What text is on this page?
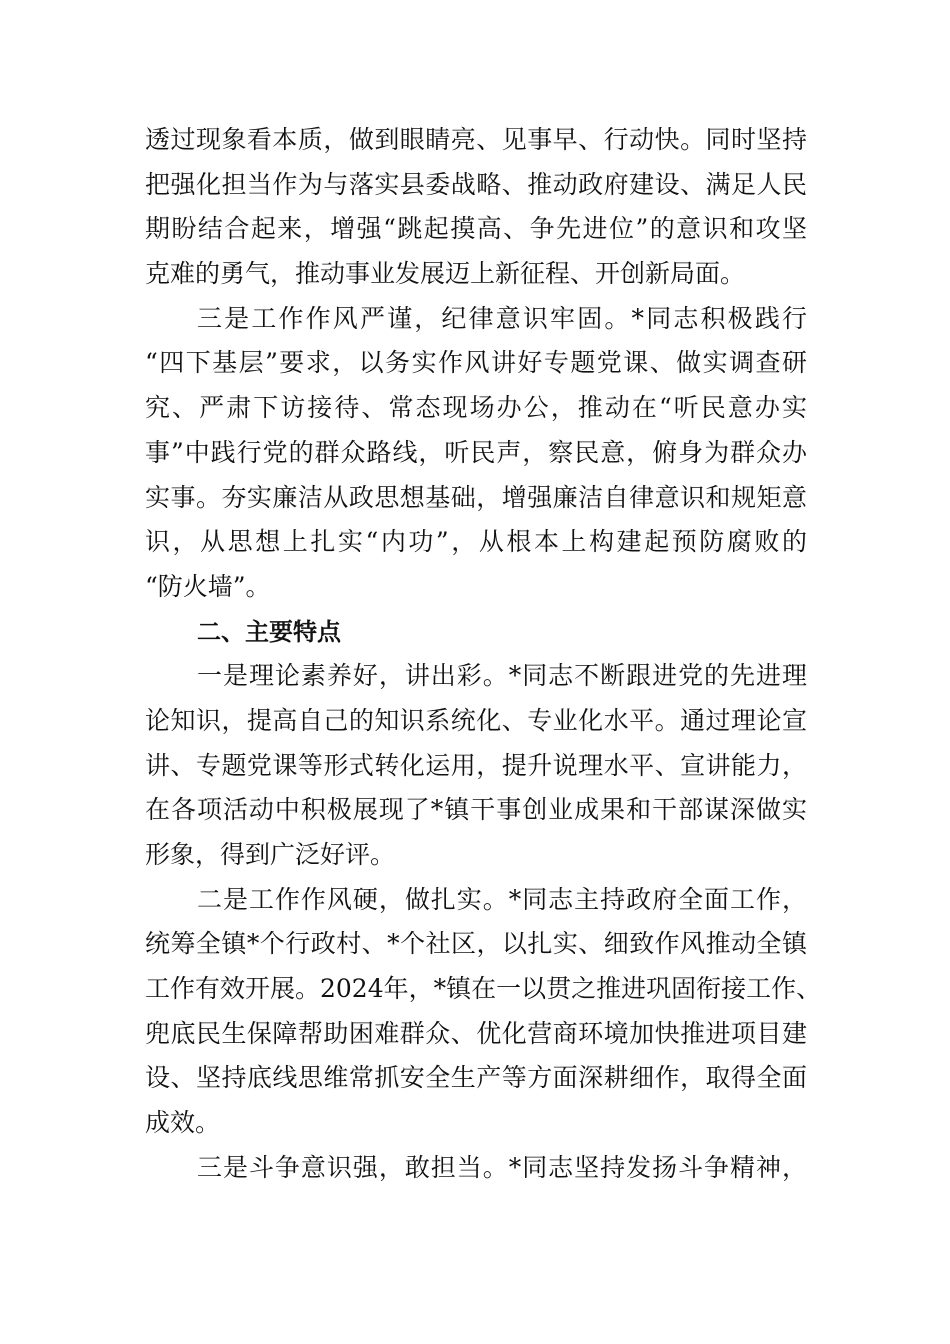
透过现象看本质，做到眼睛亮、见事早、行动快。同时坚持
把强化担当作为与落实县委战略、推动政府建设、满足人民
期盼结合起来，增强“跳起摸高、争先进位”的意识和攻坚
克难的勇气，推动事业发展迈上新征程、开创新局面。
三是工作作风严谨，纪律意识牢固。*同志积极践行
“四下基层”要求，以务实作风讲好专题党课、做实调查研
究、严肃下访接待、常态现场办公，推动在“听民意办实
事”中践行党的群众路线，听民声，察民意，俯身为群众办
实事。夯实廉洁从政思想基础，增强廉洁自律意识和规矩意
识，从思想上扎实“内功”，从根本上构建起预防腐败的
“防火墙”。
二、主要特点
一是理论素养好，讲出彩。*同志不断跟进党的先进理
论知识，提高自己的知识系统化、专业化水平。通过理论宣
讲、专题党课等形式转化运用，提升说理水平、宣讲能力，
在各项活动中积极展现了*镇干事创业成果和干部谋深做实
形象，得到广泛好评。
二是工作作风硬，做扎实。*同志主持政府全面工作，
统筹全镇*个行政村、*个社区，以扎实、细致作风推动全镇
工作有效开展。2024年，*镇在一以贯之推进巩固衔接工作、
兜底民生保障帮助困难群众、优化营商环境加快推进项目建
设、坚持底线思维常抓安全生产等方面深耕细作，取得全面
成效。
三是斗争意识强，敢担当。*同志坚持发扬斗争精神，
